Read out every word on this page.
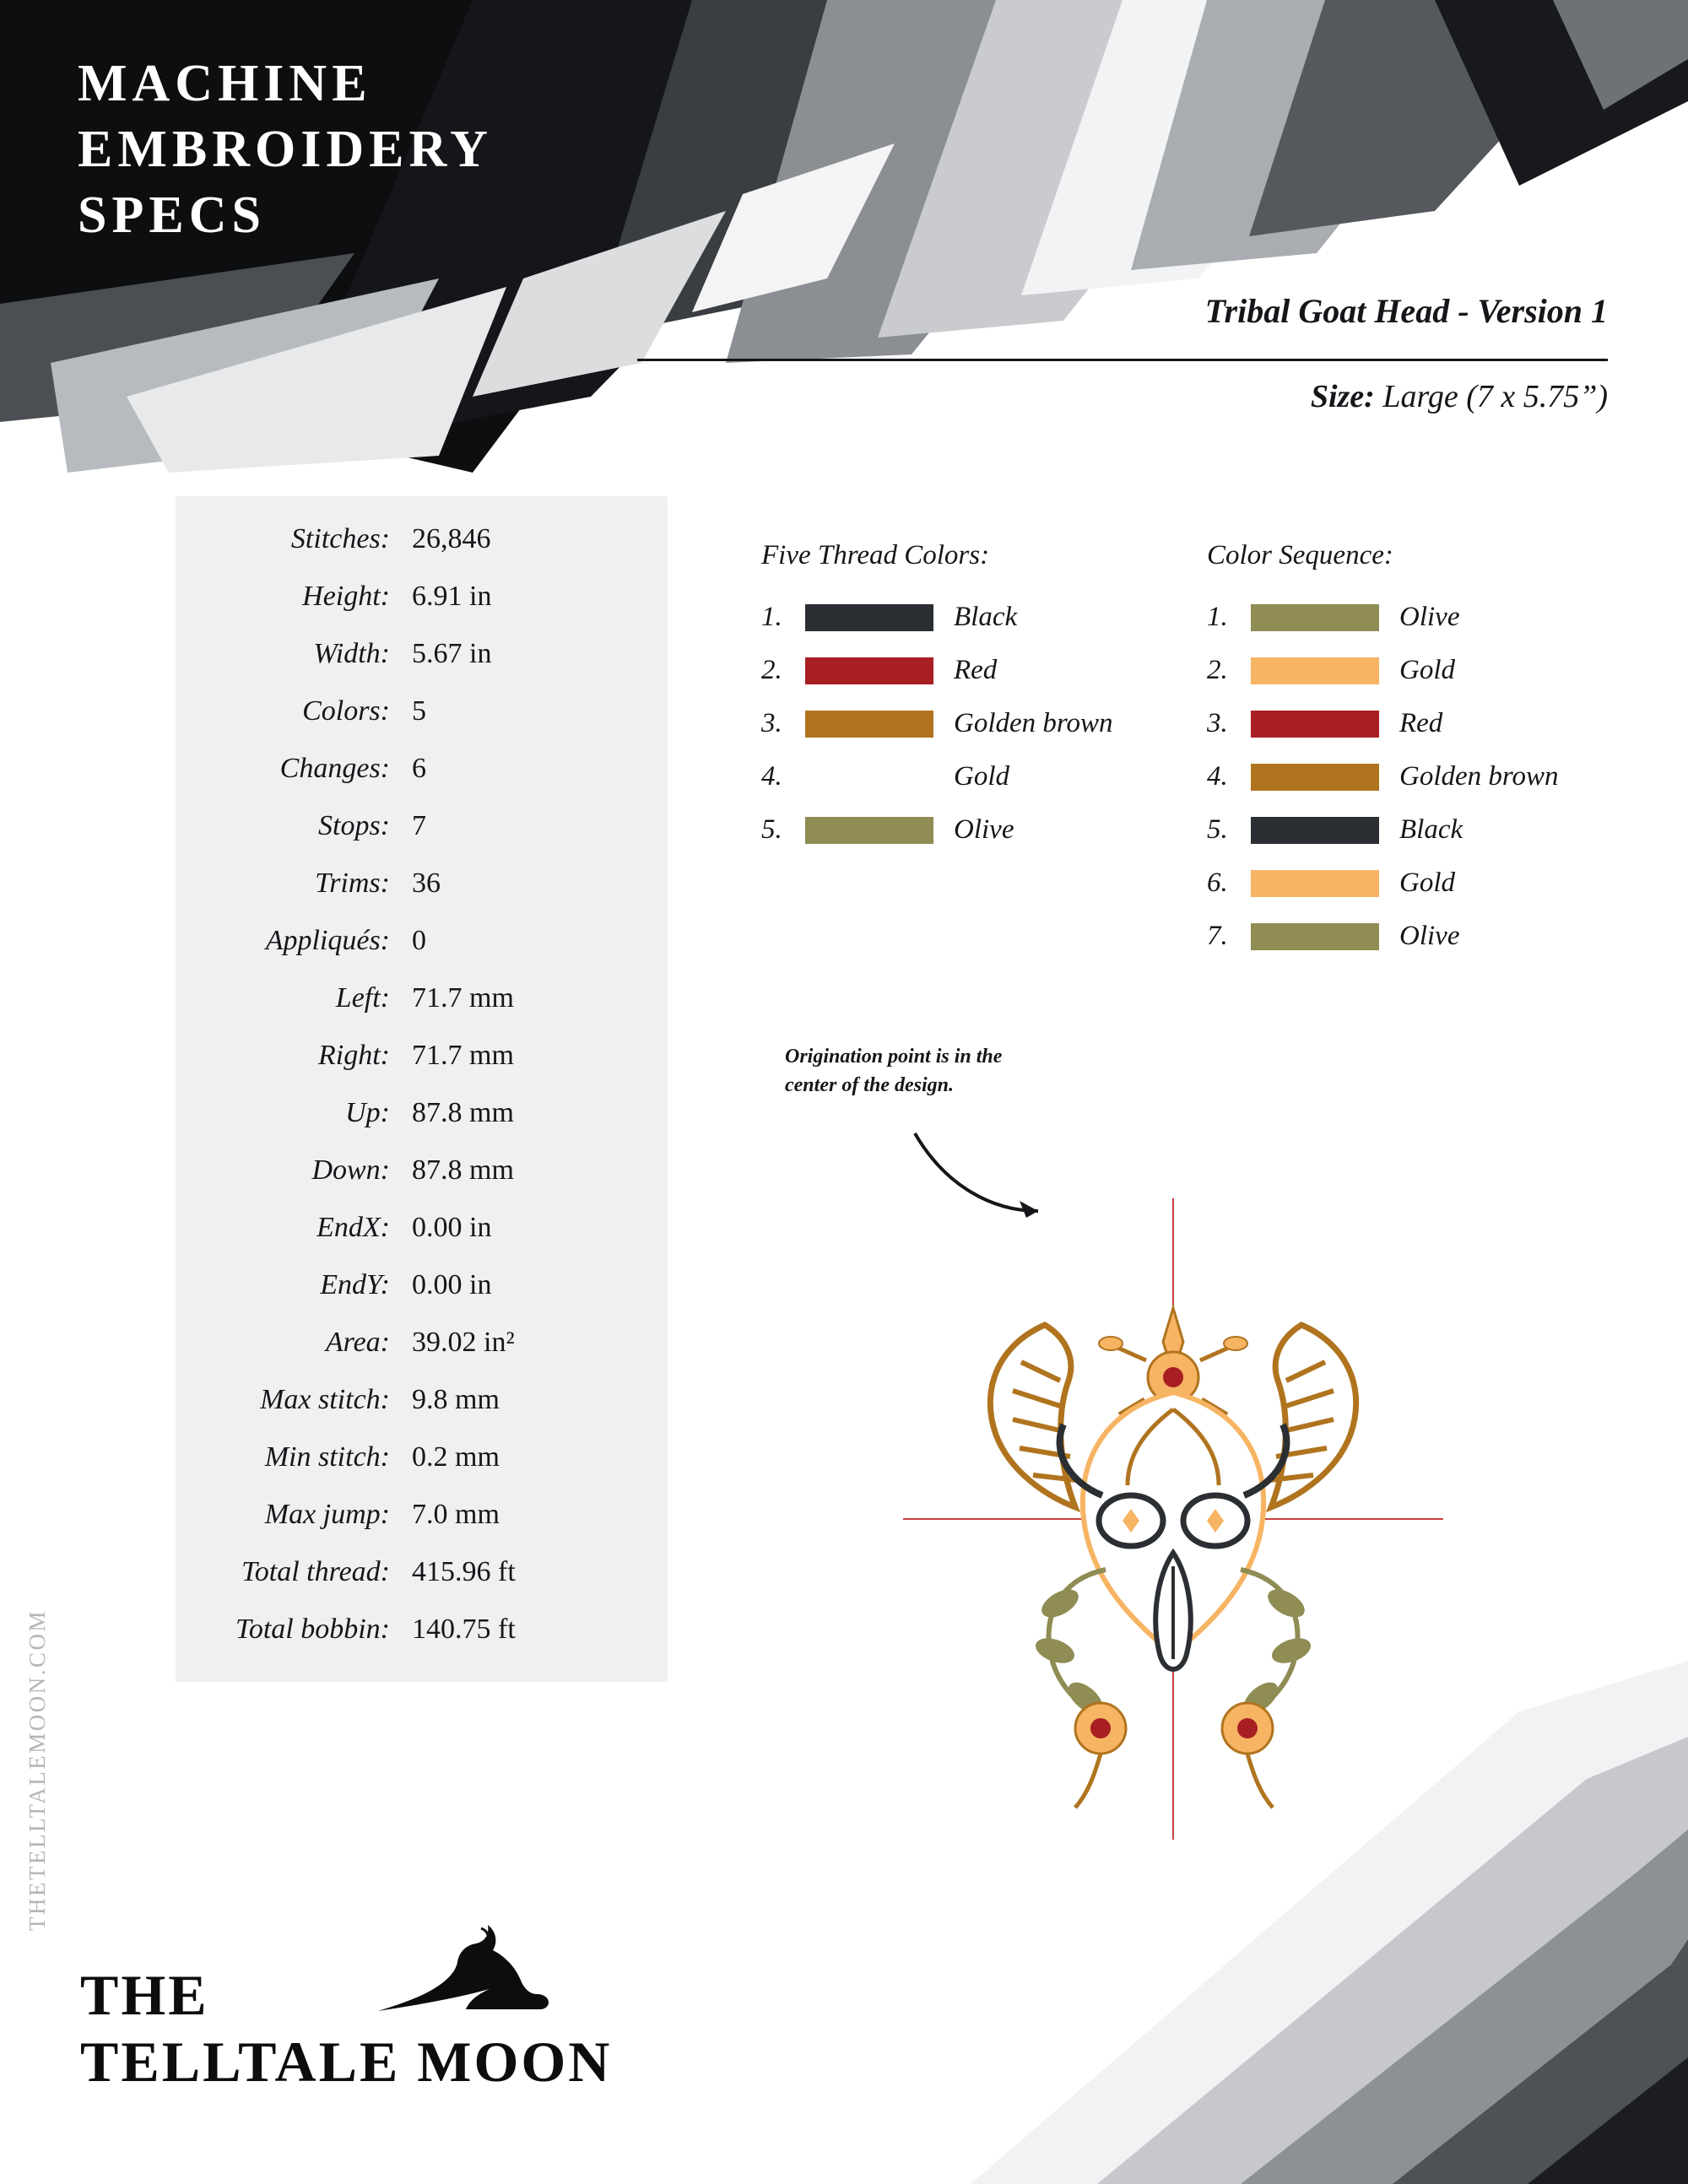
MACHINE
EMBROIDERY
SPECS
Tribal Goat Head - Version 1
Size: Large (7 x 5.75”)
Stitches: 26,846
Height: 6.91 in
Width: 5.67 in
Colors: 5
Changes: 6
Stops: 7
Trims: 36
Appliqués: 0
Left: 71.7 mm
Right: 71.7 mm
Up: 87.8 mm
Down: 87.8 mm
EndX: 0.00 in
EndY: 0.00 in
Area: 39.02 in²
Max stitch: 9.8 mm
Min stitch: 0.2 mm
Max jump: 7.0 mm
Total thread: 415.96 ft
Total bobbin: 140.75 ft
Five Thread Colors:
1.	Black
2.	Red
3.	Golden brown
4.	Gold
5.	Olive
Color Sequence:
1.	Olive
2.	Gold
3.	Red
4.	Golden brown
5.	Black
6.	Gold
7.	Olive
Origination point is in the center of the design.
THETELLTALEMOON.COM
THE
TELLTALE MOON
